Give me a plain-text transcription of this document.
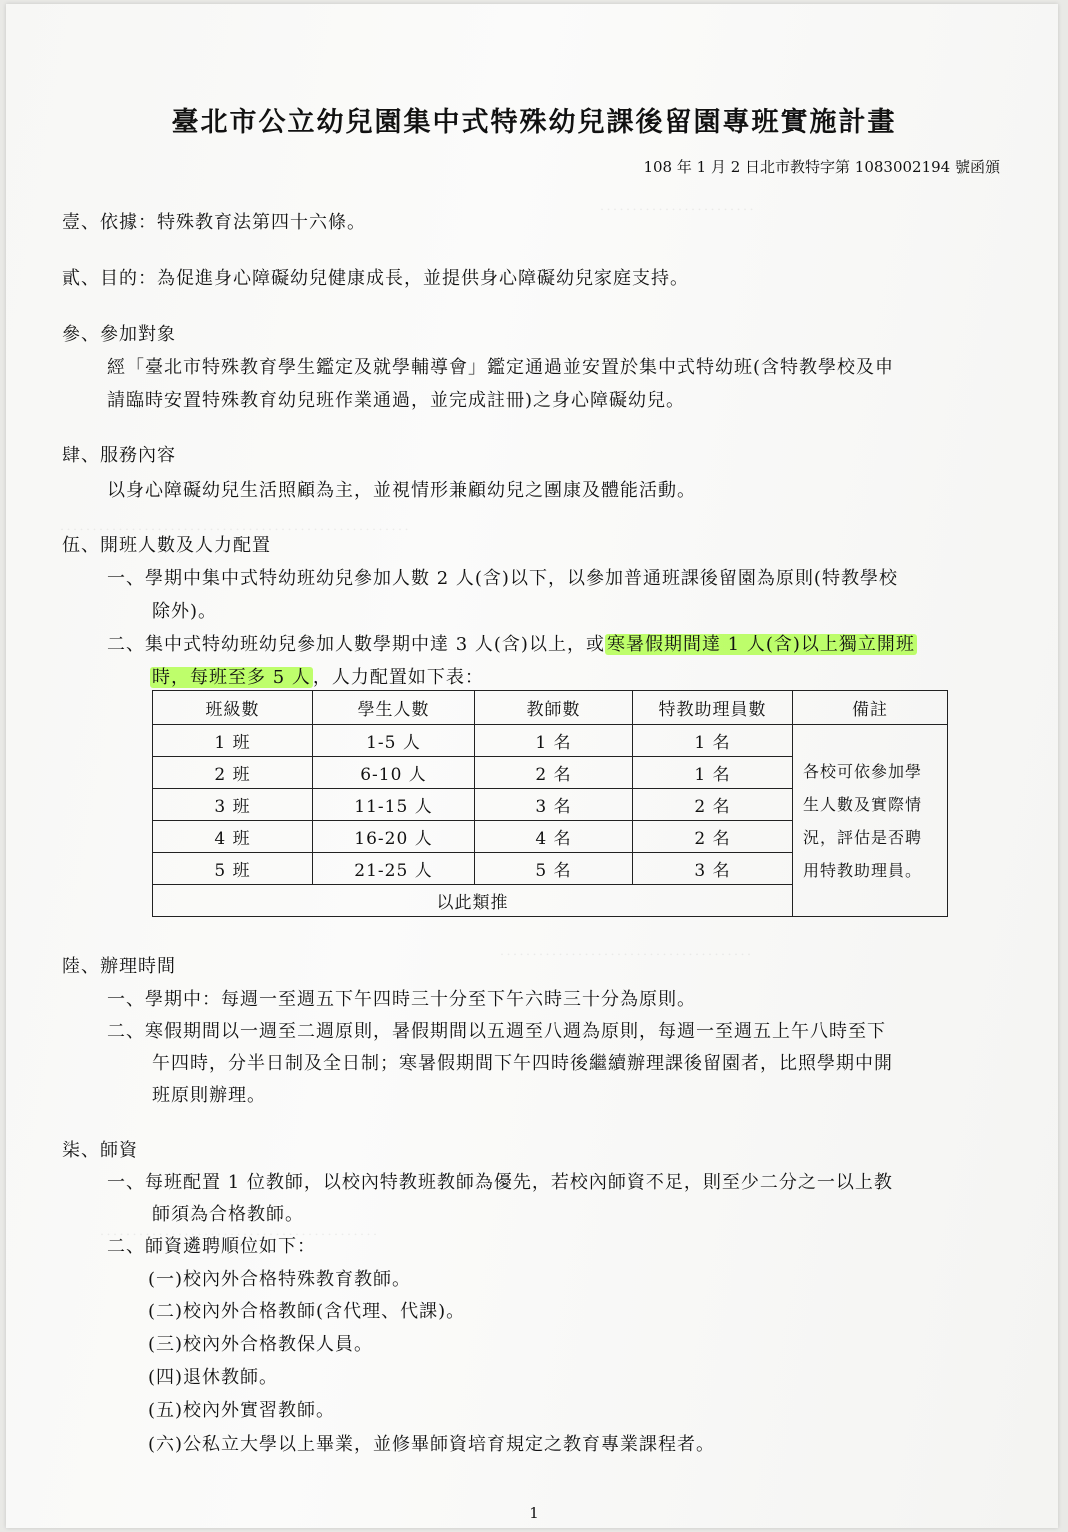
．．．．．．．．．．．．．．．．．．．．．．．．
．．．．．．．．．．．．．．．．．．．．．．．．．．．．．．．．．．．．．．．．．．．．．．．．．．．．．．
．．．．．．．．．．．．．．．．．．．．．．．．．．．．．．．．．．．．．．．
．．．．．．．．．．．．．．．．．．．．．．．．．．．．．．．．．．．．．．．．．．．
臺北市公立幼兒園集中式特殊幼兒課後留園專班實施計畫
108 年 1 月 2 日北市教特字第 1083002194 號函頒
壹、依據：特殊教育法第四十六條。
貳、目的：為促進身心障礙幼兒健康成長，並提供身心障礙幼兒家庭支持。
參、參加對象
經「臺北市特殊教育學生鑑定及就學輔導會」鑑定通過並安置於集中式特幼班(含特教學校及申
請臨時安置特殊教育幼兒班作業通過，並完成註冊)之身心障礙幼兒。
肆、服務內容
以身心障礙幼兒生活照顧為主，並視情形兼顧幼兒之團康及體能活動。
伍、開班人數及人力配置
一、學期中集中式特幼班幼兒參加人數 2 人(含)以下，以參加普通班課後留園為原則(特教學校
除外)。
二、集中式特幼班幼兒參加人數學期中達 3 人(含)以上，或 寒暑假期間達 1 人(含)以上獨立開班
時，每班至多 5 人 ，人力配置如下表：
班級數	學生人數	教師數	特教助理員數	備註
1 班	1-5 人	1 名	1 名	各校可依參加學生人數及實際情況，評估是否聘用特教助理員。
2 班	6-10 人	2 名	1 名	
3 班	11-15 人	3 名	2 名	
4 班	16-20 人	4 名	2 名	
5 班	21-25 人	5 名	3 名	
以此類推				
陸、辦理時間
一、學期中：每週一至週五下午四時三十分至下午六時三十分為原則。
二、寒假期間以一週至二週原則，暑假期間以五週至八週為原則，每週一至週五上午八時至下
午四時，分半日制及全日制；寒暑假期間下午四時後繼續辦理課後留園者，比照學期中開
班原則辦理。
柒、師資
一、每班配置 1 位教師，以校內特教班教師為優先，若校內師資不足，則至少二分之一以上教
師須為合格教師。
二、師資遴聘順位如下：
(一)校內外合格特殊教育教師。
(二)校內外合格教師(含代理、代課)。
(三)校內外合格教保人員。
(四)退休教師。
(五)校內外實習教師。
(六)公私立大學以上畢業，並修畢師資培育規定之教育專業課程者。
1
